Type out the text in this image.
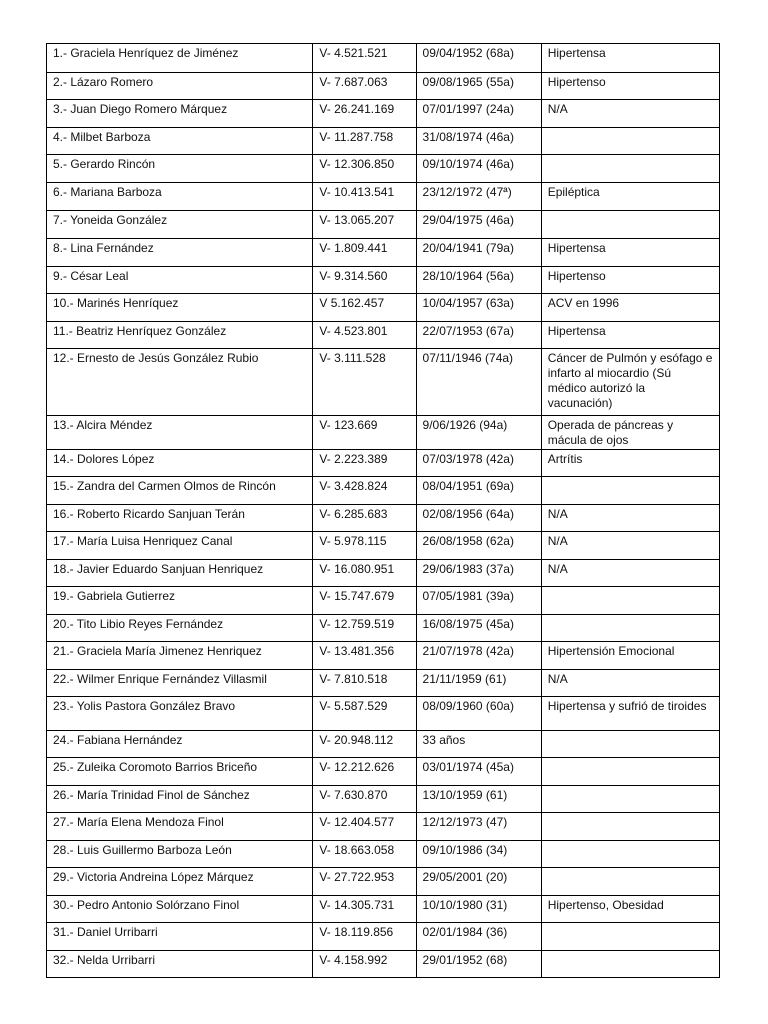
1.- Graciela Henríquez de Jiménez	V- 4.521.521	09/04/1952 (68a)	Hipertensa
2.- Lázaro Romero	V- 7.687.063	09/08/1965 (55a)	Hipertenso
3.- Juan Diego Romero Márquez	V- 26.241.169	07/01/1997 (24a)	N/A
4.- Milbet Barboza	V- 11.287.758	31/08/1974 (46a)	
5.- Gerardo Rincón	V- 12.306.850	09/10/1974 (46a)	
6.- Mariana Barboza	V- 10.413.541	23/12/1972 (47ª)	Epiléptica
7.- Yoneida González	V- 13.065.207	29/04/1975 (46a)	
8.- Lina Fernández	V- 1.809.441	20/04/1941 (79a)	Hipertensa
9.- César Leal	V- 9.314.560	28/10/1964 (56a)	Hipertenso
10.- Marinés Henríquez	V 5.162.457	10/04/1957 (63a)	ACV en 1996
11.- Beatriz Henríquez González	V- 4.523.801	22/07/1953 (67a)	Hipertensa
12.- Ernesto de Jesús González Rubio	V- 3.111.528	07/11/1946 (74a)	Cáncer de Pulmón y esófago e infarto al miocardio (Sú médico autorizó la vacunación)
13.- Alcira Méndez	V- 123.669	9/06/1926 (94a)	Operada de páncreas y mácula de ojos
14.- Dolores López	V- 2.223.389	07/03/1978 (42a)	Artrítis
15.- Zandra del Carmen Olmos de Rincón	V- 3.428.824	08/04/1951 (69a)	
16.- Roberto Ricardo Sanjuan Terán	V- 6.285.683	02/08/1956 (64a)	N/A
17.- María Luisa Henriquez Canal	V- 5.978.115	26/08/1958 (62a)	N/A
18.- Javier Eduardo Sanjuan Henriquez	V- 16.080.951	29/06/1983 (37a)	N/A
19.- Gabriela Gutierrez	V- 15.747.679	07/05/1981 (39a)	
20.- Tito Libio Reyes Fernández	V- 12.759.519	16/08/1975 (45a)	
21.- Graciela María Jimenez Henriquez	V- 13.481.356	21/07/1978 (42a)	Hipertensión Emocional
22.- Wilmer Enrique Fernández Villasmil	V- 7.810.518	21/11/1959 (61)	N/A
23.- Yolis Pastora González Bravo	V- 5.587.529	08/09/1960 (60a)	Hipertensa y sufrió de tiroides
24.- Fabiana Hernández	V- 20.948.112	33 años	
25.- Zuleika Coromoto Barrios Briceño	V- 12.212.626	03/01/1974 (45a)	
26.- María Trinidad Finol de Sánchez	V- 7.630.870	13/10/1959 (61)	
27.- María Elena Mendoza Finol	V- 12.404.577	12/12/1973 (47)	
28.- Luis Guillermo Barboza León	V- 18.663.058	09/10/1986 (34)	
29.- Victoria Andreina López Márquez	V- 27.722.953	29/05/2001 (20)	
30.- Pedro Antonio Solórzano Finol	V- 14.305.731	10/10/1980 (31)	Hipertenso, Obesidad
31.- Daniel Urribarri	V- 18.119.856	02/01/1984 (36)	
32.- Nelda Urribarri	V- 4.158.992	29/01/1952 (68)	
